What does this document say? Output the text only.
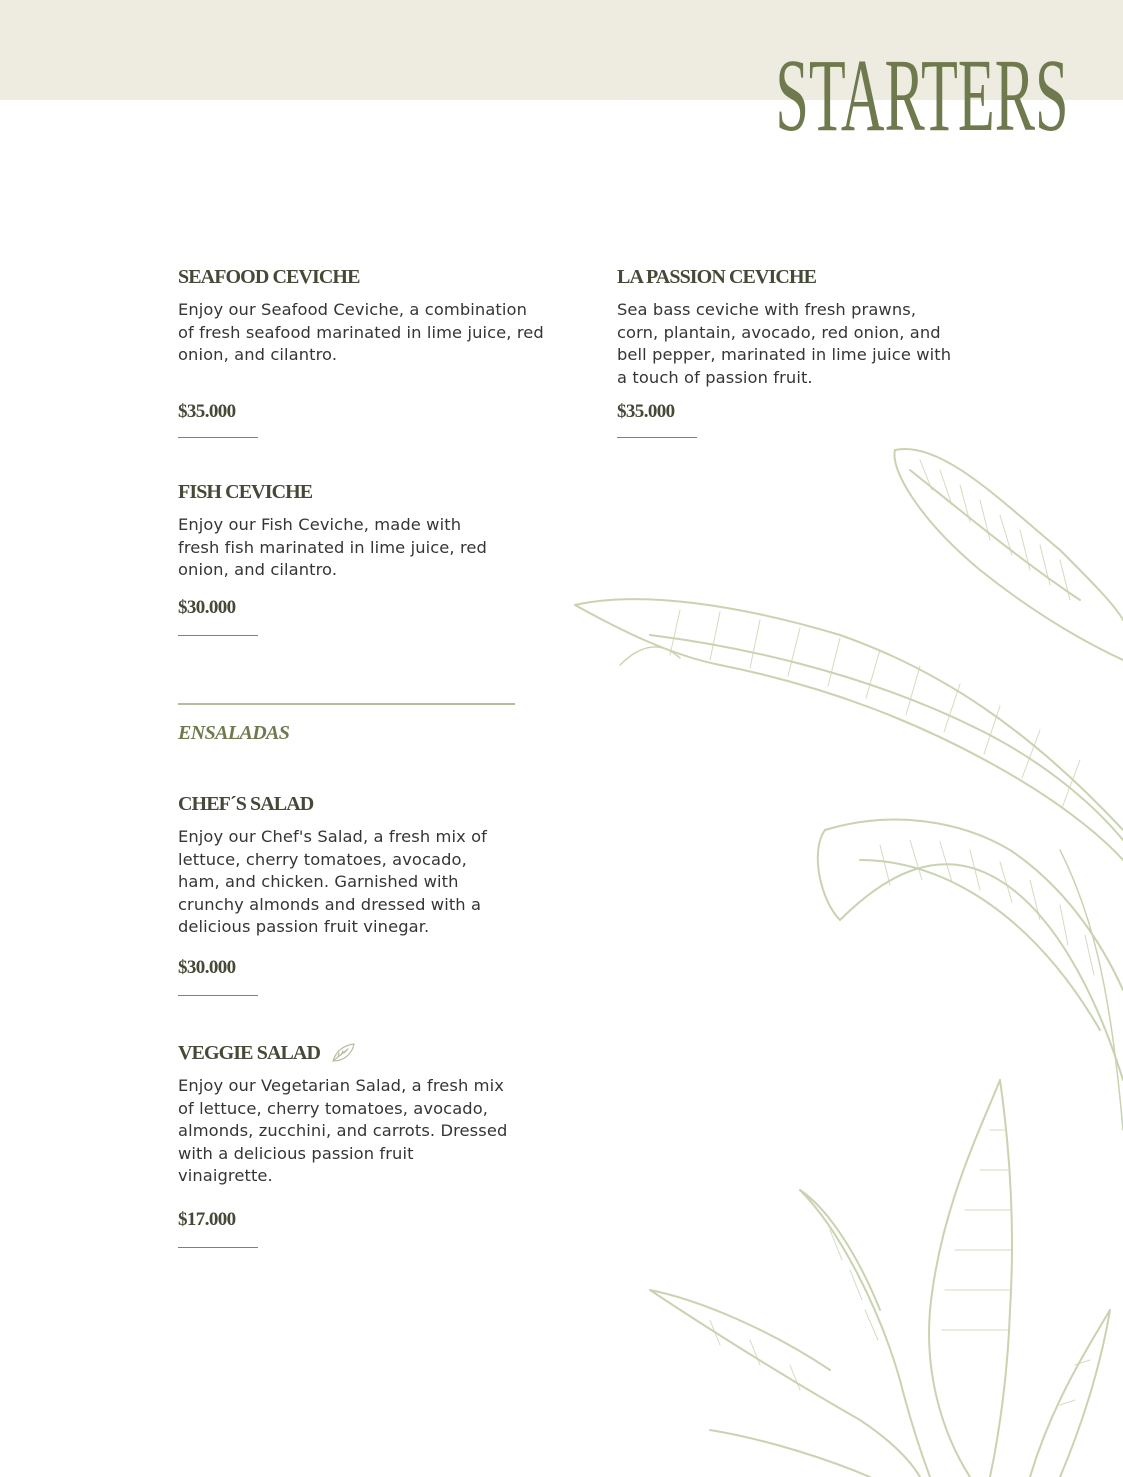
STARTERS
SEAFOOD CEVICHE

Enjoy our Seafood Ceviche, a combination of fresh seafood marinated in lime juice, red onion, and cilantro.

$35.000
LA PASSION CEVICHE

Sea bass ceviche with fresh prawns, corn, plantain, avocado, red onion, and bell pepper, marinated in lime juice with a touch of passion fruit.

$35.000
FISH CEVICHE

Enjoy our Fish Ceviche, made with fresh fish marinated in lime juice, red onion, and cilantro.

$30.000
ENSALADAS
CHEF´S SALAD

Enjoy our Chef's Salad, a fresh mix of lettuce, cherry tomatoes, avocado, ham, and chicken. Garnished with crunchy almonds and dressed with a delicious passion fruit vinegar.

$30.000
VEGGIE SALAD

Enjoy our Vegetarian Salad, a fresh mix of lettuce, cherry tomatoes, avocado, almonds, zucchini, and carrots. Dressed with a delicious passion fruit vinaigrette.

$17.000
